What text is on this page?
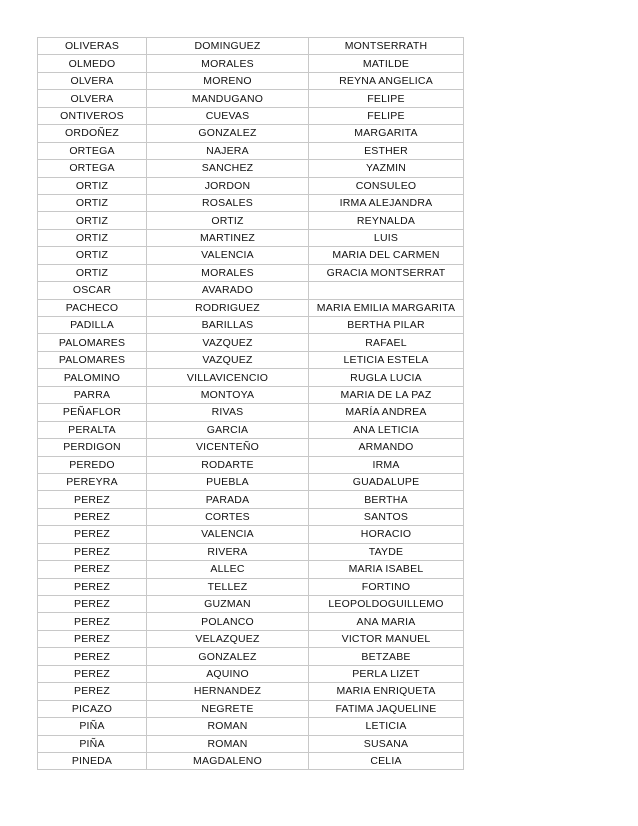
OLIVERAS	DOMINGUEZ	MONTSERRATH
OLMEDO	MORALES	MATILDE
OLVERA	MORENO	REYNA ANGELICA
OLVERA	MANDUGANO	FELIPE
ONTIVEROS	CUEVAS	FELIPE
ORDOÑEZ	GONZALEZ	MARGARITA
ORTEGA	NAJERA	ESTHER
ORTEGA	SANCHEZ	YAZMIN
ORTIZ	JORDON	CONSULEO
ORTIZ	ROSALES	IRMA ALEJANDRA
ORTIZ	ORTIZ	REYNALDA
ORTIZ	MARTINEZ	LUIS
ORTIZ	VALENCIA	MARIA DEL CARMEN
ORTIZ	MORALES	GRACIA MONTSERRAT
OSCAR	AVARADO	
PACHECO	RODRIGUEZ	MARIA EMILIA MARGARITA
PADILLA	BARILLAS	BERTHA PILAR
PALOMARES	VAZQUEZ	RAFAEL
PALOMARES	VAZQUEZ	LETICIA ESTELA
PALOMINO	VILLAVICENCIO	RUGLA LUCIA
PARRA	MONTOYA	MARIA DE LA PAZ
PEÑAFLOR	RIVAS	MARÍA ANDREA
PERALTA	GARCIA	ANA LETICIA
PERDIGON	VICENTEÑO	ARMANDO
PEREDO	RODARTE	IRMA
PEREYRA	PUEBLA	GUADALUPE
PEREZ	PARADA	BERTHA
PEREZ	CORTES	SANTOS
PEREZ	VALENCIA	HORACIO
PEREZ	RIVERA	TAYDE
PEREZ	ALLEC	MARIA ISABEL
PEREZ	TELLEZ	FORTINO
PEREZ	GUZMAN	LEOPOLDOGUILLEMO
PEREZ	POLANCO	ANA MARIA
PEREZ	VELAZQUEZ	VICTOR MANUEL
PEREZ	GONZALEZ	BETZABE
PEREZ	AQUINO	PERLA LIZET
PEREZ	HERNANDEZ	MARIA ENRIQUETA
PICAZO	NEGRETE	FATIMA JAQUELINE
PIÑA	ROMAN	LETICIA
PIÑA	ROMAN	SUSANA
PINEDA	MAGDALENO	CELIA
